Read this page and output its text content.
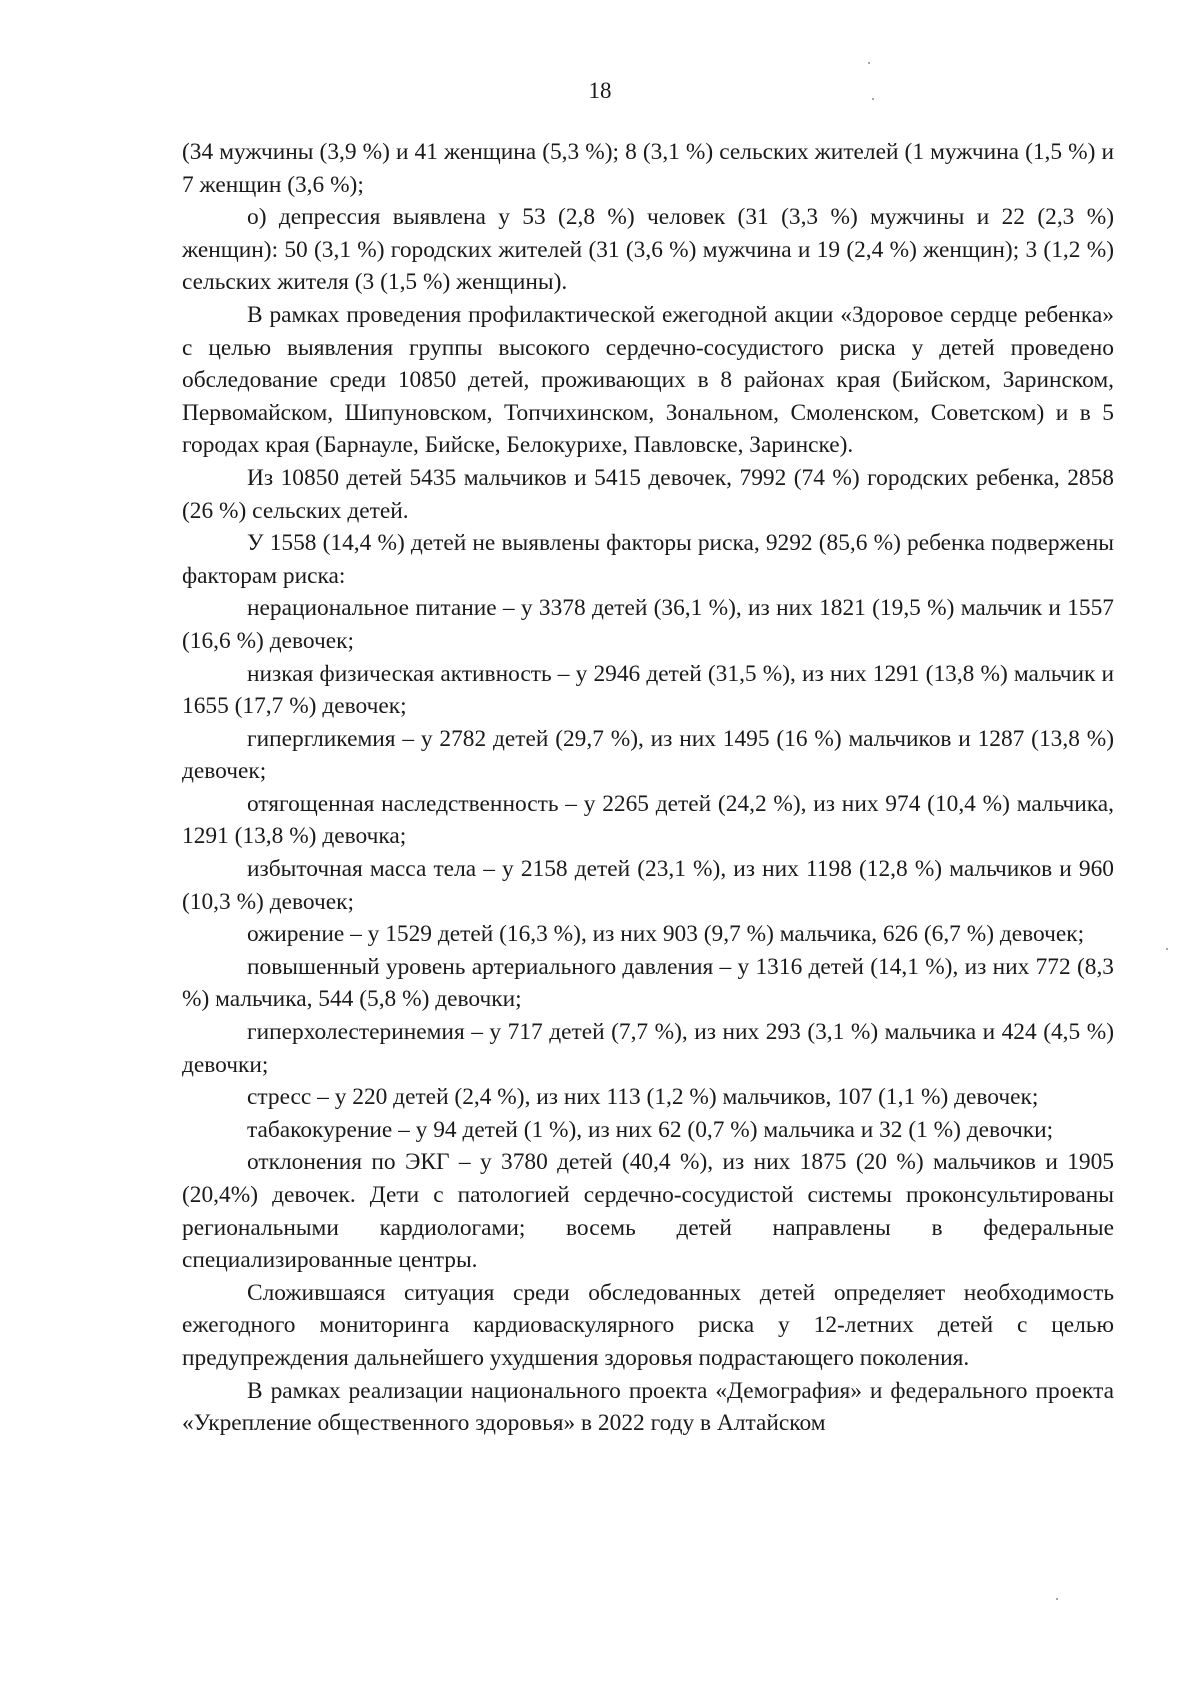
18

(34 мужчины (3,9 %) и 41 женщина (5,3 %); 8 (3,1 %) сельских жителей (1 мужчина (1,5 %) и 7 женщин (3,6 %);

о) депрессия выявлена у 53 (2,8 %) человек (31 (3,3 %) мужчины и 22 (2,3 %) женщин): 50 (3,1 %) городских жителей (31 (3,6 %) мужчина и 19 (2,4 %) женщин); 3 (1,2 %) сельских жителя (3 (1,5 %) женщины).

В рамках проведения профилактической ежегодной акции «Здоровое сердце ребенка» с целью выявления группы высокого сердечно-сосудистого риска у детей проведено обследование среди 10850 детей, проживающих в 8 районах края (Бийском, Заринском, Первомайском, Шипуновском, Топчихинском, Зональном, Смоленском, Советском) и в 5 городах края (Барнауле, Бийске, Белокурихе, Павловске, Заринске).

Из 10850 детей 5435 мальчиков и 5415 девочек, 7992 (74 %) городских ребенка, 2858 (26 %) сельских детей.

У 1558 (14,4 %) детей не выявлены факторы риска, 9292 (85,6 %) ребенка подвержены факторам риска:

нерациональное питание – у 3378 детей (36,1 %), из них 1821 (19,5 %) мальчик и 1557 (16,6 %) девочек;

низкая физическая активность – у 2946 детей (31,5 %), из них 1291 (13,8 %) мальчик и 1655 (17,7 %) девочек;

гипергликемия – у 2782 детей (29,7 %), из них 1495 (16 %) мальчиков и 1287 (13,8 %) девочек;

отягощенная наследственность – у 2265 детей (24,2 %), из них 974 (10,4 %) мальчика, 1291 (13,8 %) девочка;

избыточная масса тела – у 2158 детей (23,1 %), из них 1198 (12,8 %) мальчиков и 960 (10,3 %) девочек;

ожирение – у 1529 детей (16,3 %), из них 903 (9,7 %) мальчика, 626 (6,7 %) девочек;

повышенный уровень артериального давления – у 1316 детей (14,1 %), из них 772 (8,3 %) мальчика, 544 (5,8 %) девочки;

гиперхолестеринемия – у 717 детей (7,7 %), из них 293 (3,1 %) мальчика и 424 (4,5 %) девочки;

стресс – у 220 детей (2,4 %), из них 113 (1,2 %) мальчиков, 107 (1,1 %) девочек;

табакокурение – у 94 детей (1 %), из них 62 (0,7 %) мальчика и 32 (1 %) девочки;

отклонения по ЭКГ – у 3780 детей (40,4 %), из них 1875 (20 %) мальчиков и 1905 (20,4%) девочек. Дети с патологией сердечно-сосудистой системы проконсультированы региональными кардиологами; восемь детей направлены в федеральные специализированные центры.

Сложившаяся ситуация среди обследованных детей определяет необходимость ежегодного мониторинга кардиоваскулярного риска у 12-летних детей с целью предупреждения дальнейшего ухудшения здоровья подрастающего поколения.

В рамках реализации национального проекта «Демография» и федерального проекта «Укрепление общественного здоровья» в 2022 году в Алтайском
